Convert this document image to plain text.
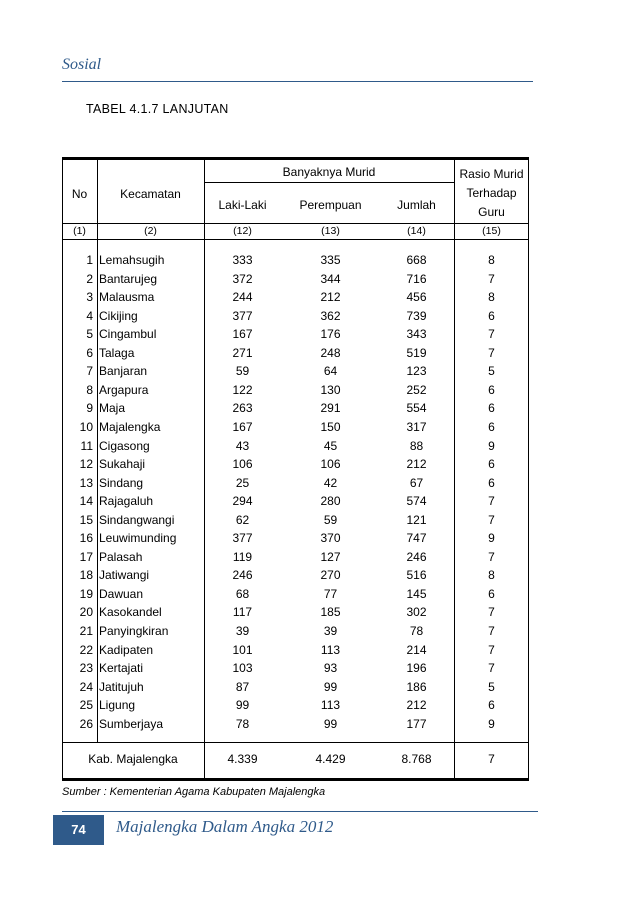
Sosial
TABEL 4.1.7 LANJUTAN
No	Kecamatan
Banyaknya Murid
Laki-Laki	Perempuan	Jumlah
Rasio Murid
Terhadap
Guru
(1)	(2)	(12)	(13)	(14)	(15)
1 Lemahsugih	333	335	668	8
2 Bantarujeg	372	344	716	7
3 Malausma	244	212	456	8
4 Cikijing	377	362	739	6
5 Cingambul	167	176	343	7
6 Talaga	271	248	519	7
7 Banjaran	59	64	123	5
8 Argapura	122	130	252	6
9 Maja	263	291	554	6
10 Majalengka	167	150	317	6
11 Cigasong	43	45	88	9
12 Sukahaji	106	106	212	6
13 Sindang	25	42	67	6
14 Rajagaluh	294	280	574	7
15 Sindangwangi	62	59	121	7
16 Leuwimunding	377	370	747	9
17 Palasah	119	127	246	7
18 Jatiwangi	246	270	516	8
19 Dawuan	68	77	145	6
20 Kasokandel	117	185	302	7
21 Panyingkiran	39	39	78	7
22 Kadipaten	101	113	214	7
23 Kertajati	103	93	196	7
24 Jatitujuh	87	99	186	5
25 Ligung	99	113	212	6
26 Sumberjaya	78	99	177	9
Kab. Majalengka	4.339	4.429	8.768	7
Sumber : Kementerian Agama Kabupaten Majalengka
74	Majalengka Dalam Angka 2012
